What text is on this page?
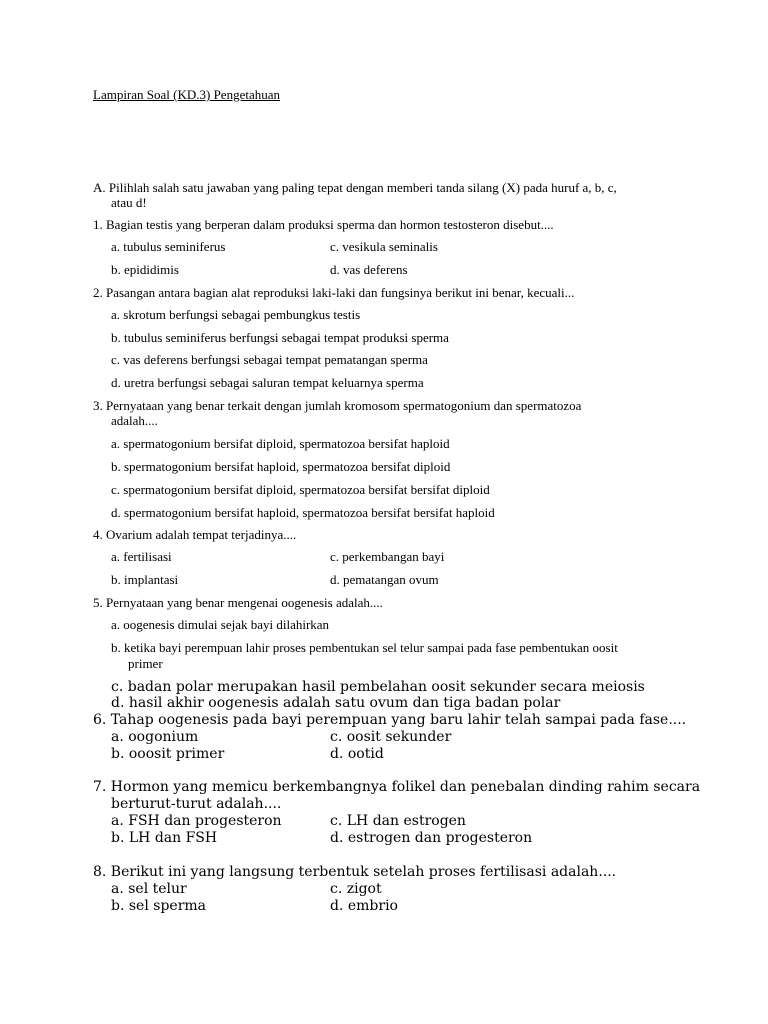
Lampiran Soal (KD.3) Pengetahuan
A. Pilihlah salah satu jawaban yang paling tepat dengan memberi tanda silang (X) pada huruf a, b, c,
atau d!
1. Bagian testis yang berperan dalam produksi sperma dan hormon testosteron disebut....
a. tubulus seminiferus	c. vesikula seminalis
b. epididimis	d. vas deferens
2. Pasangan antara bagian alat reproduksi laki-laki dan fungsinya berikut ini benar, kecuali...
a. skrotum berfungsi sebagai pembungkus testis
b. tubulus seminiferus berfungsi sebagai tempat produksi sperma
c. vas deferens berfungsi sebagai tempat pematangan sperma
d. uretra berfungsi sebagai saluran tempat keluarnya sperma
3. Pernyataan yang benar terkait dengan jumlah kromosom spermatogonium dan spermatozoa
adalah....
a. spermatogonium bersifat diploid, spermatozoa bersifat haploid
b. spermatogonium bersifat haploid, spermatozoa bersifat diploid
c. spermatogonium bersifat diploid, spermatozoa bersifat bersifat diploid
d. spermatogonium bersifat haploid, spermatozoa bersifat bersifat haploid
4. Ovarium adalah tempat terjadinya....
a. fertilisasi	c. perkembangan bayi
b. implantasi	d. pematangan ovum
5. Pernyataan yang benar mengenai oogenesis adalah....
a. oogenesis dimulai sejak bayi dilahirkan
b. ketika bayi perempuan lahir proses pembentukan sel telur sampai pada fase pembentukan oosit
primer
c. badan polar merupakan hasil pembelahan oosit sekunder secara meiosis
d. hasil akhir oogenesis adalah satu ovum dan tiga badan polar
6. Tahap oogenesis pada bayi perempuan yang baru lahir telah sampai pada fase....
a. oogonium	c. oosit sekunder
b. ooosit primer	d. ootid
7. Hormon yang memicu berkembangnya folikel dan penebalan dinding rahim secara
berturut-turut adalah....
a. FSH dan progesteron	c. LH dan estrogen
b. LH dan FSH	d. estrogen dan progesteron
8. Berikut ini yang langsung terbentuk setelah proses fertilisasi adalah....
a. sel telur	c. zigot
b. sel sperma	d. embrio
